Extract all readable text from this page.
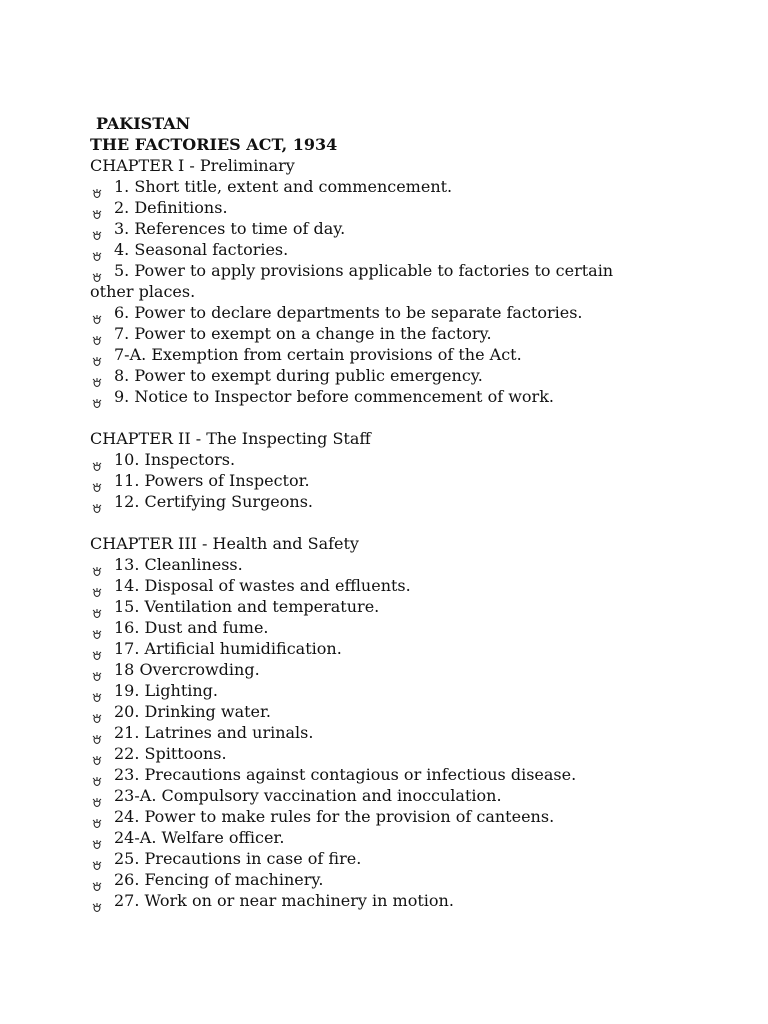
PAKISTAN
THE FACTORIES ACT, 1934
CHAPTER I - Preliminary
1. Short title, extent and commencement.
2. Definitions.
3. References to time of day.
4. Seasonal factories.
5. Power to apply provisions applicable to factories to certain
other places.
6. Power to declare departments to be separate factories.
7. Power to exempt on a change in the factory.
7-A. Exemption from certain provisions of the Act.
8. Power to exempt during public emergency.
9. Notice to Inspector before commencement of work.
CHAPTER II - The Inspecting Staff
10. Inspectors.
11. Powers of Inspector.
12. Certifying Surgeons.
CHAPTER III - Health and Safety
13. Cleanliness.
14. Disposal of wastes and effluents.
15. Ventilation and temperature.
16. Dust and fume.
17. Artificial humidification.
18 Overcrowding.
19. Lighting.
20. Drinking water.
21. Latrines and urinals.
22. Spittoons.
23. Precautions against contagious or infectious disease.
23-A. Compulsory vaccination and inocculation.
24. Power to make rules for the provision of canteens.
24-A. Welfare officer.
25. Precautions in case of fire.
26. Fencing of machinery.
27. Work on or near machinery in motion.
